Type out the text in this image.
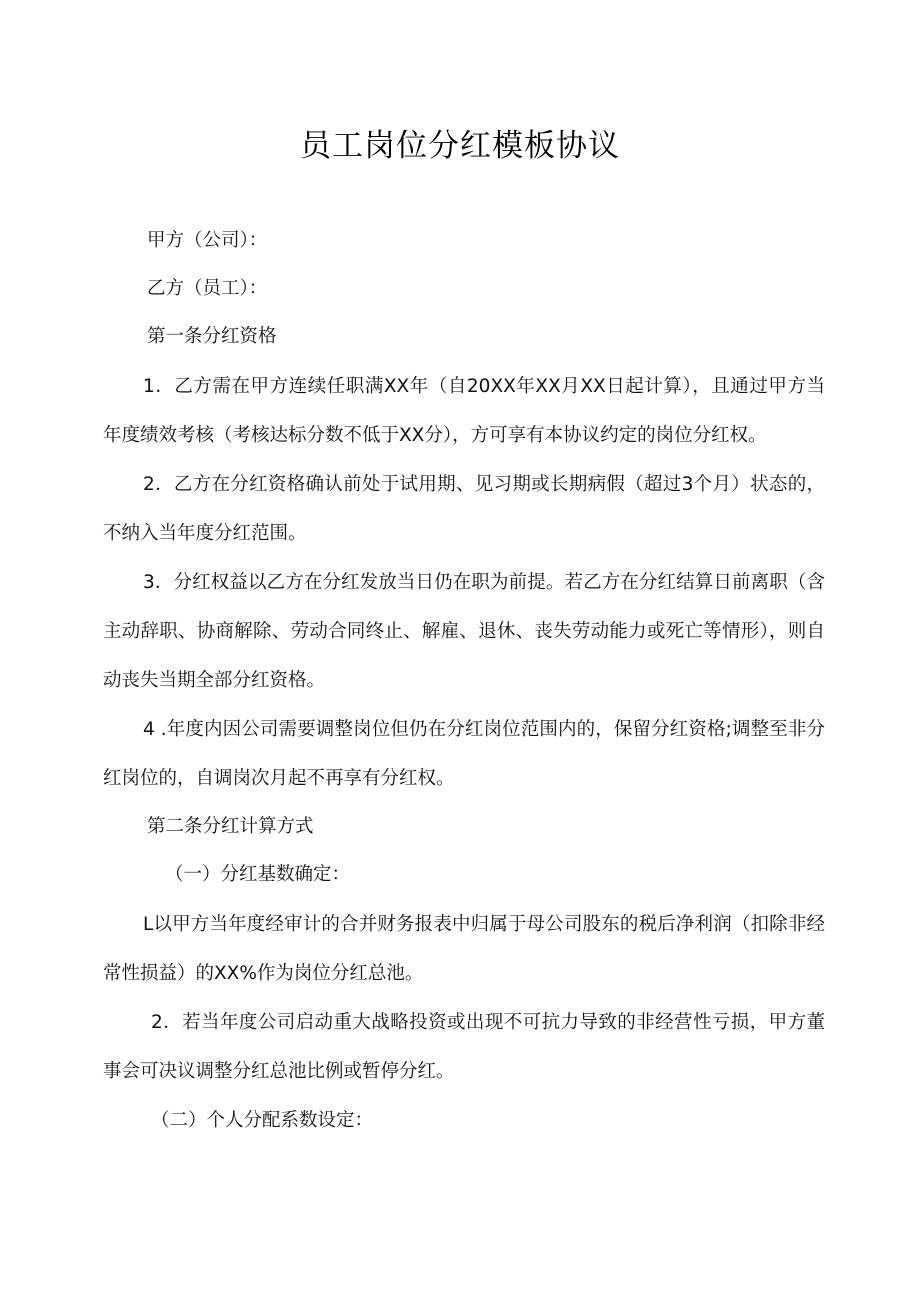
员工岗位分红模板协议

甲方（公司）：

乙方（员工）：

第一条分红资格

1．乙方需在甲方连续任职满XX年（自20XX年XX月XX日起计算），且通过甲方当年度绩效考核（考核达标分数不低于XX分），方可享有本协议约定的岗位分红权。

2．乙方在分红资格确认前处于试用期、见习期或长期病假（超过3个月）状态的，不纳入当年度分红范围。

3．分红权益以乙方在分红发放当日仍在职为前提。若乙方在分红结算日前离职（含主动辞职、协商解除、劳动合同终止、解雇、退休、丧失劳动能力或死亡等情形），则自动丧失当期全部分红资格。

4 .年度内因公司需要调整岗位但仍在分红岗位范围内的，保留分红资格;调整至非分红岗位的，自调岗次月起不再享有分红权。

第二条分红计算方式

（一）分红基数确定：

L以甲方当年度经审计的合并财务报表中归属于母公司股东的税后净利润（扣除非经常性损益）的XX%作为岗位分红总池。

2．若当年度公司启动重大战略投资或出现不可抗力导致的非经营性亏损，甲方董事会可决议调整分红总池比例或暂停分红。

（二）个人分配系数设定：
